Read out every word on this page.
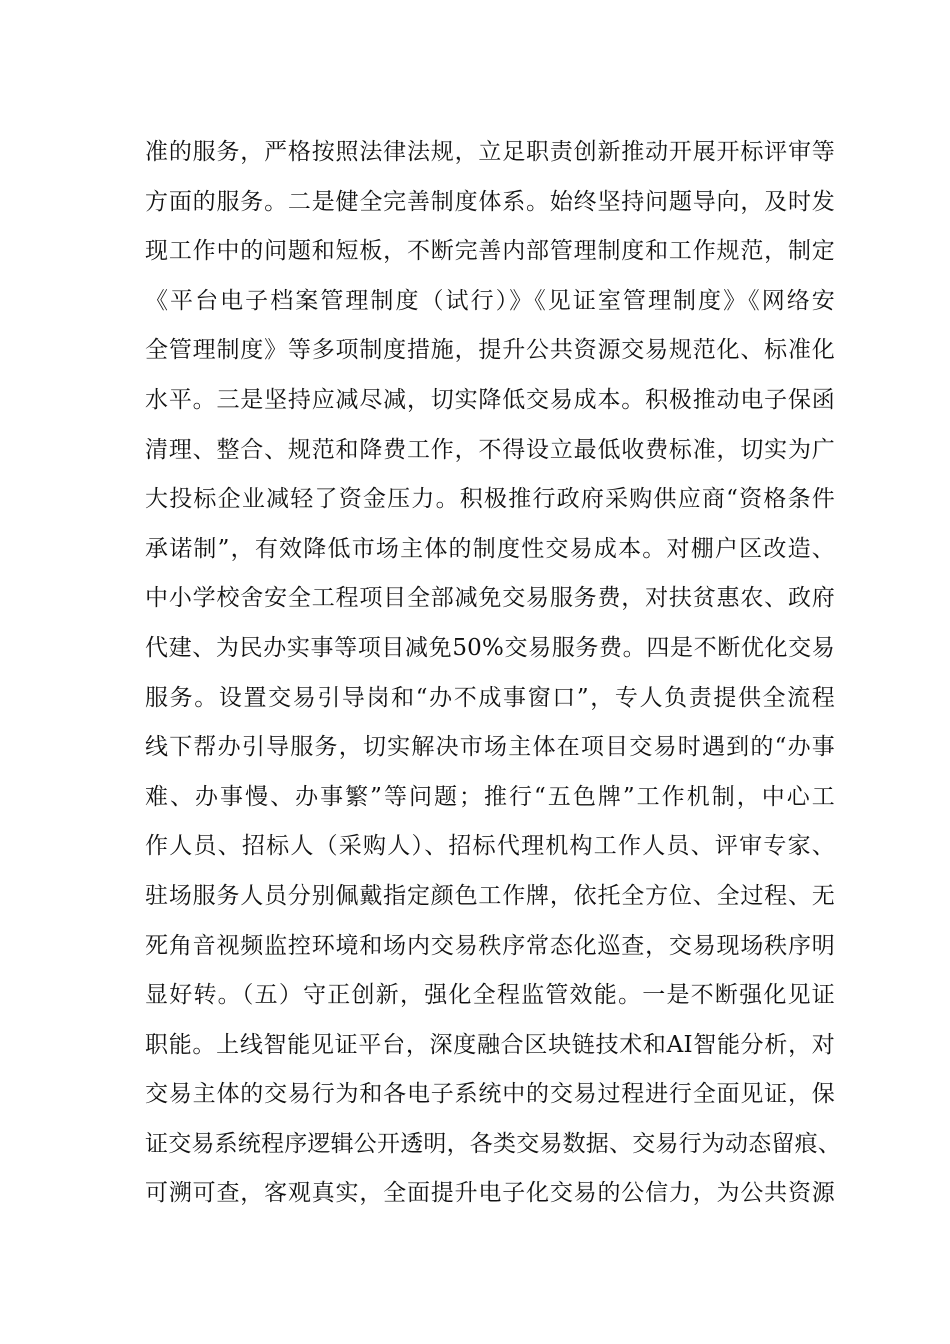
准的服务，严格按照法律法规，立足职责创新推动开展开标评审等
方面的服务。二是健全完善制度体系。始终坚持问题导向，及时发
现工作中的问题和短板，不断完善内部管理制度和工作规范，制定
《平台电子档案管理制度（试行）》《见证室管理制度》《网络安
全管理制度》等多项制度措施，提升公共资源交易规范化、标准化
水平。三是坚持应减尽减，切实降低交易成本。积极推动电子保函
清理、整合、规范和降费工作，不得设立最低收费标准，切实为广
大投标企业减轻了资金压力。积极推行政府采购供应商“资格条件
承诺制”，有效降低市场主体的制度性交易成本。对棚户区改造、
中小学校舍安全工程项目全部减免交易服务费，对扶贫惠农、政府
代建、为民办实事等项目减免50%交易服务费。四是不断优化交易
服务。设置交易引导岗和“办不成事窗口”，专人负责提供全流程
线下帮办引导服务，切实解决市场主体在项目交易时遇到的“办事
难、办事慢、办事繁”等问题；推行“五色牌”工作机制，中心工
作人员、招标人（采购人）、招标代理机构工作人员、评审专家、
驻场服务人员分别佩戴指定颜色工作牌，依托全方位、全过程、无
死角音视频监控环境和场内交易秩序常态化巡查，交易现场秩序明
显好转。（五）守正创新，强化全程监管效能。一是不断强化见证
职能。上线智能见证平台，深度融合区块链技术和AI智能分析，对
交易主体的交易行为和各电子系统中的交易过程进行全面见证，保
证交易系统程序逻辑公开透明，各类交易数据、交易行为动态留痕、
可溯可查，客观真实，全面提升电子化交易的公信力，为公共资源
